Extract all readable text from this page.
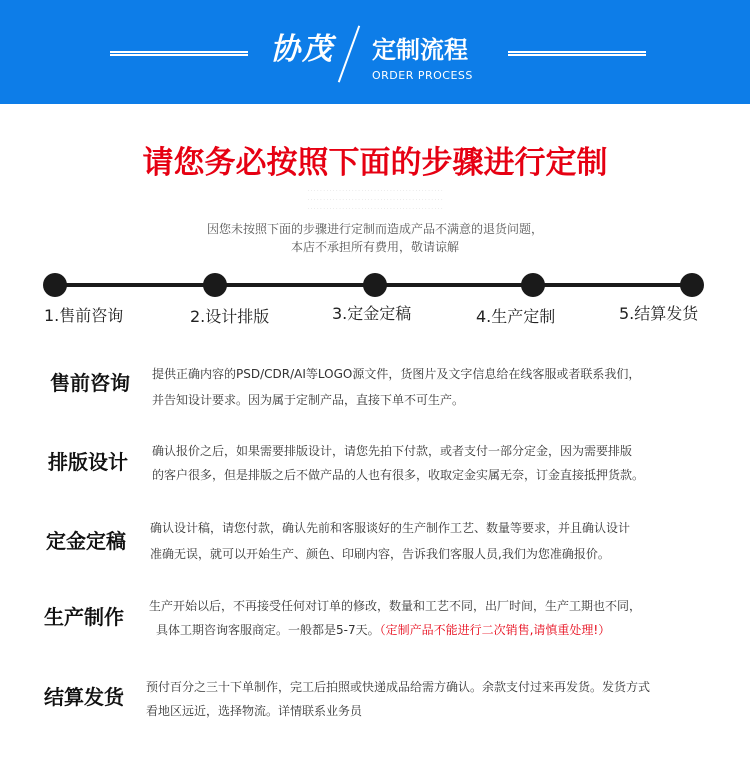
协茂	定制流程
ORDER PROCESS
请您务必按照下面的步骤进行定制
· · · · · · · · · · · · · · · · · · · · · · · · · · · · · · · · · · · · · · · · · · ·
· · · · · · · · · · · · · · · · · · · · · · · · · · · · · · · · · · · · · · · · · · ·
· · · · · · · · · · · · · · · · · · · · · · · · · · · · · · · · · · · · · · · · · · ·
因您未按照下面的步骤进行定制而造成产品不满意的退货问题，
本店不承担所有费用，敬请谅解
1.售前咨询	2.设计排版	3.定金定稿	4.生产定制	5.结算发货
售前咨询 提供正确内容的PSD/CDR/AI等LOGO源文件，货图片及文字信息给在线客服或者联系我们，
并告知设计要求。因为属于定制产品，直接下单不可生产。
排版设计 确认报价之后，如果需要排版设计，请您先拍下付款，或者支付一部分定金，因为需要排版
的客户很多，但是排版之后不做产品的人也有很多，收取定金实属无奈，订金直接抵押货款。
定金定稿
确认设计稿，请您付款，确认先前和客服谈好的生产制作工艺、数量等要求，并且确认设计
准确无误，就可以开始生产、颜色、印刷内容，告诉我们客服人员,我们为您准确报价。
生产制作 生产开始以后，不再接受任何对订单的修改，数量和工艺不同，出厂时间，生产工期也不同，
具体工期咨询客服商定。一般都是5-7天。（定制产品不能进行二次销售,请慎重处理!）
结算发货 预付百分之三十下单制作，完工后拍照或快递成品给需方确认。余款支付过来再发货。发货方式
看地区远近，选择物流。详情联系业务员
